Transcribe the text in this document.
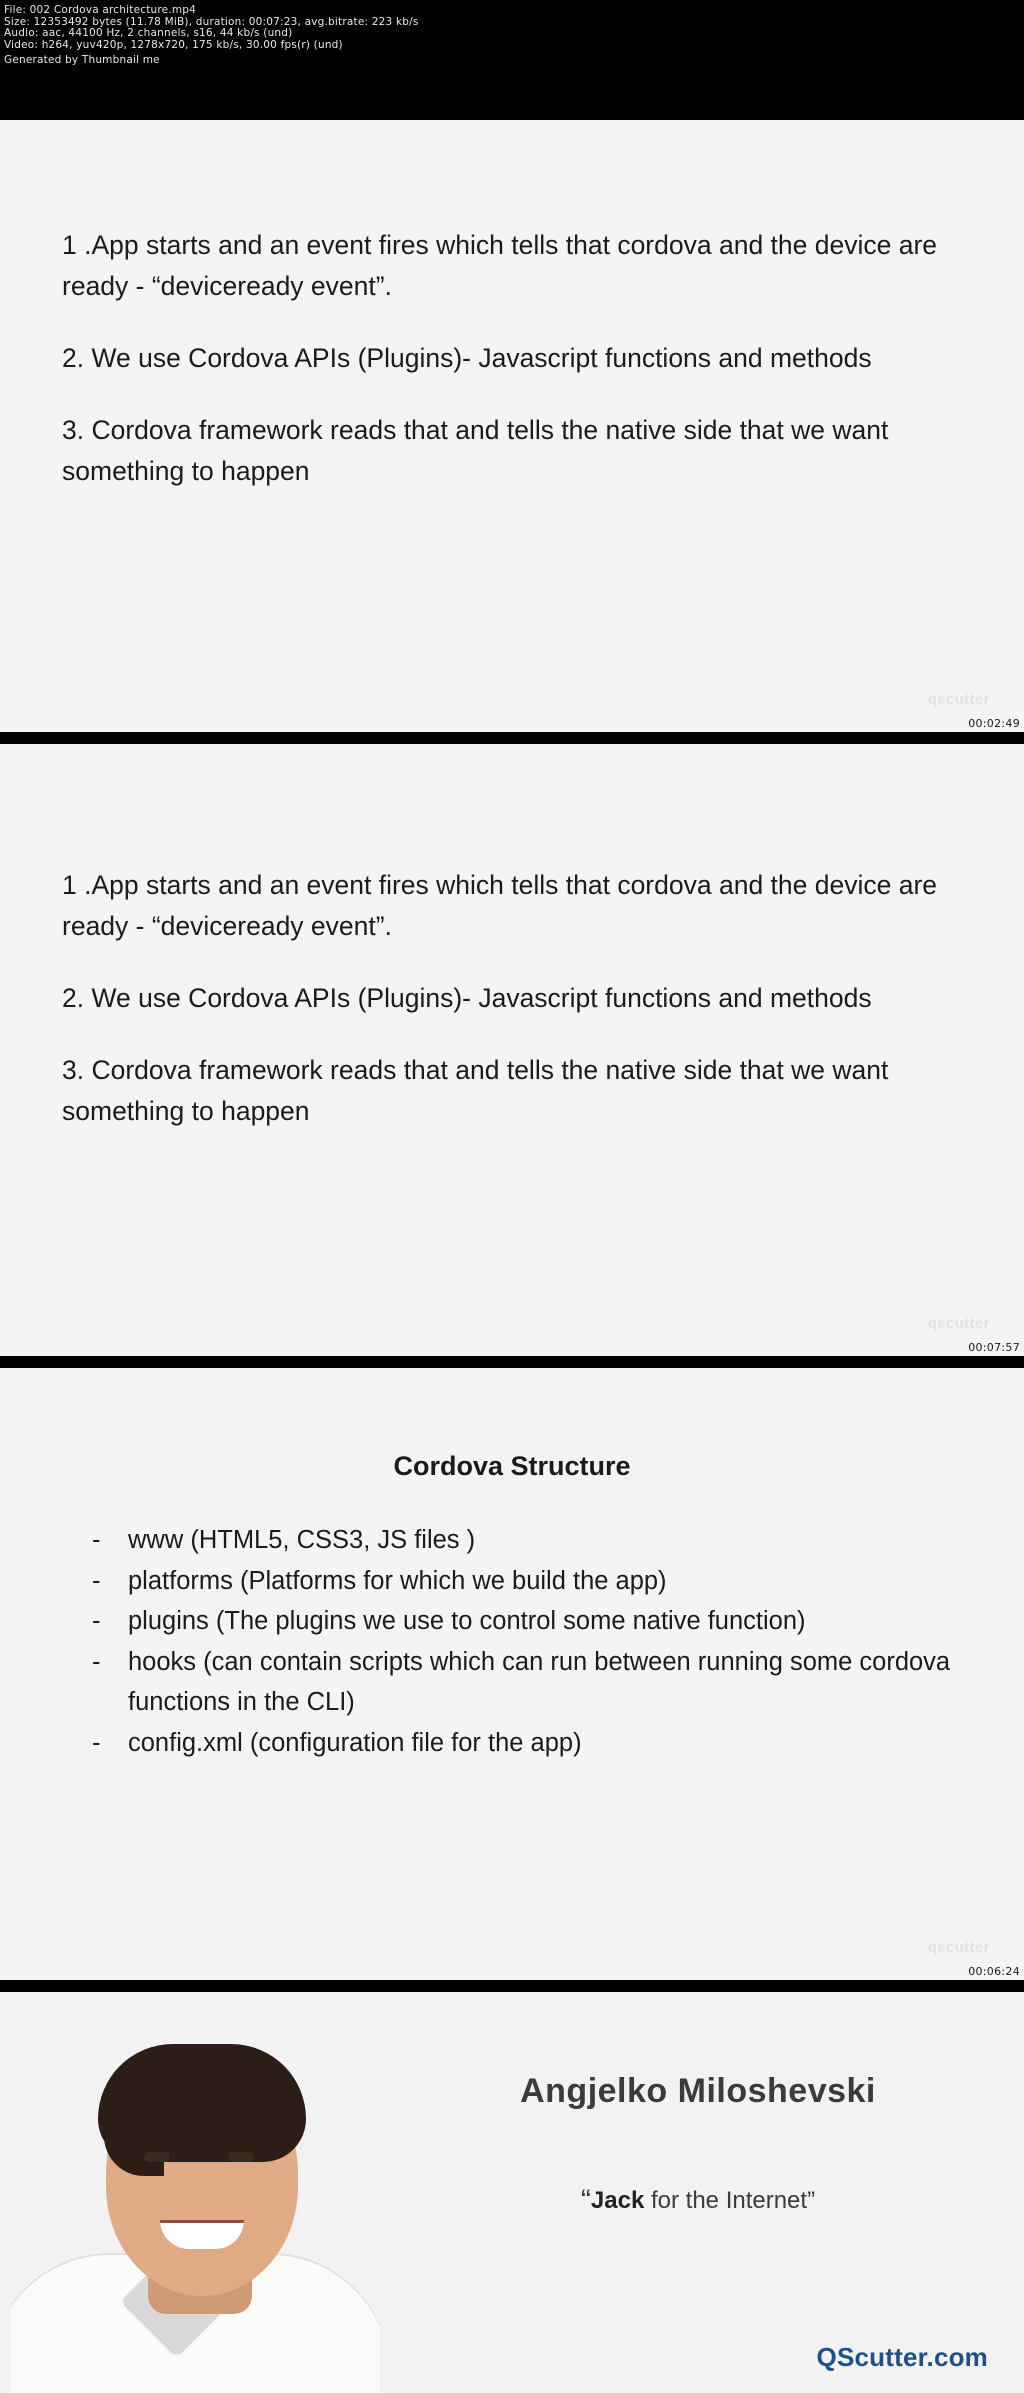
File: 002 Cordova architecture.mp4
Size: 12353492 bytes (11.78 MiB), duration: 00:07:23, avg.bitrate: 223 kb/s
Audio: aac, 44100 Hz, 2 channels, s16, 44 kb/s (und)
Video: h264, yuv420p, 1278x720, 175 kb/s, 30.00 fps(r) (und)
Generated by Thumbnail me

1 .App starts and an event fires which tells that cordova and the device are ready - “deviceready event”.

2. We use Cordova APIs (Plugins)- Javascript functions and methods

3. Cordova framework reads that and tells the native side that we want something to happen

qscutter
00:02:49

1 .App starts and an event fires which tells that cordova and the device are ready - “deviceready event”.

2. We use Cordova APIs (Plugins)- Javascript functions and methods

3. Cordova framework reads that and tells the native side that we want something to happen

qscutter
00:07:57
Cordova Structure
-	www (HTML5, CSS3, JS files )
-	platforms (Platforms for which we build the app)
-	plugins (The plugins we use to control some native function)
-	hooks (can contain scripts which can run between running some cordova functions in the CLI)
-	config.xml (configuration file for the app)
qscutter
00:06:24
Angjelko Miloshevski
“Jack for the Internet”
QScutter.com
